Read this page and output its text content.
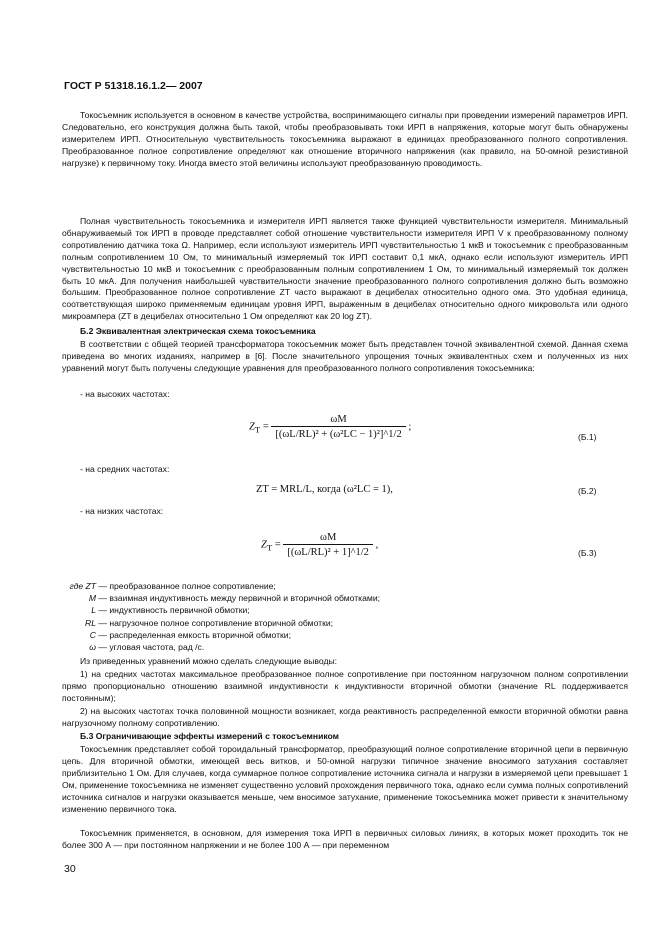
ГОСТ Р 51318.16.1.2— 2007

Токосъемник используется в основном в качестве устройства, воспринимающего сигналы при проведении измерений параметров ИРП. Следовательно, его конструкция должна быть такой, чтобы преобразовывать токи ИРП в напряжения, которые могут быть обнаружены измерителем ИРП. Относительную чувствительность токосъемника выражают в единицах преобразованного полного сопротивления. Преобразованное полное сопротивление определяют как отношение вторичного напряжения (как правило, на 50-омной резистивной нагрузке) к первичному току. Иногда вместо этой величины используют преобразованную проводимость.

Полная чувствительность токосъемника и измерителя ИРП является также функцией чувствительности измерителя. Минимальный обнаруживаемый ток ИРП в проводе представляет собой отношение чувствительности измерителя ИРП V к преобразованному полному сопротивлению датчика тока Ω. Например, если используют измеритель ИРП чувствительностью 1 мкВ и токосъемник с преобразованным полным сопротивлением 10 Ом, то минимальный измеряемый ток ИРП составит 0,1 мкА, однако если используют измеритель ИРП чувствительностью 10 мкВ и токосъемник с преобразованным полным сопротивлением 1 Ом, то минимальный измеряемый ток должен быть 10 мкА. Для получения наибольшей чувствительности значение преобразованного полного сопротивления должно быть возможно большим. Преобразованное полное сопротивление ZT часто выражают в децибелах относительно одного ома. Это удобная единица, соответствующая широко применяемым единицам уровня ИРП, выраженным в децибелах относительно одного микровольта или одного микроампера (ZT в децибелах относительно 1 Ом определяют как 20 log ZT).

Б.2 Эквивалентная электрическая схема токосъемника

В соответствии с общей теорией трансформатора токосъемник может быть представлен точной эквивалентной схемой. Данная схема приведена во многих изданиях, например в [6]. После значительного упрощения точных эквивалентных схем и полученных из них уравнений могут быть получены следующие уравнения для преобразованного полного сопротивления токосъемника:

- на высоких частотах:

$Z_T = \frac{\omega M}{\text{[(ωL/RL)² + (ω²LC − 1)²]\textasciicircum{}1/2}}$ ;
(Б.1)

- на средних частотах:

ZT = MRL/L, когда (ω²LC = 1),	(Б.2)

- на низких частотах:

$Z_T = \frac{\omega M}{\text{[(ωL/RL)² + 1]\textasciicircum{}1/2}}$ ,
(Б.3)
где ZT — преобразованное полное сопротивление;
M — взаимная индуктивность между первичной и вторичной обмотками;
L — индуктивность первичной обмотки;
RL — нагрузочное полное сопротивление вторичной обмотки;
C — распределенная емкость вторичной обмотки;
ω — угловая частота, рад /с.

Из приведенных уравнений можно сделать следующие выводы:

1) на средних частотах максимальное преобразованное полное сопротивление при постоянном нагрузочном полном сопротивлении прямо пропорционально отношению взаимной индуктивности к индуктивности вторичной обмотки (значение RL поддерживается постоянным);

2) на высоких частотах точка половинной мощности возникает, когда реактивность распределенной емкости вторичной обмотки равна нагрузочному полному сопротивлению.

Б.3 Ограничивающие эффекты измерений с токосъемником

Токосъемник представляет собой тороидальный трансформатор, преобразующий полное сопротивление вторичной цепи в первичную цепь. Для вторичной обмотки, имеющей весь витков, и 50-омной нагрузки типичное значение вносимого затухания составляет приблизительно 1 Ом. Для случаев, когда суммарное полное сопротивление источника сигнала и нагрузки в измеряемой цепи превышает 1 Ом, применение токосъемника не изменяет существенно условий прохождения первичного тока, однако если сумма полных сопротивлений источника сигналов и нагрузки оказывается меньше, чем вносимое затухание, применение токосъемника может привести к значительному изменению первичного тока.

Токосъемник применяется, в основном, для измерения тока ИРП в первичных силовых линиях, в которых может проходить ток не более 300 А — при постоянном напряжении и не более 100 А — при переменном

30
